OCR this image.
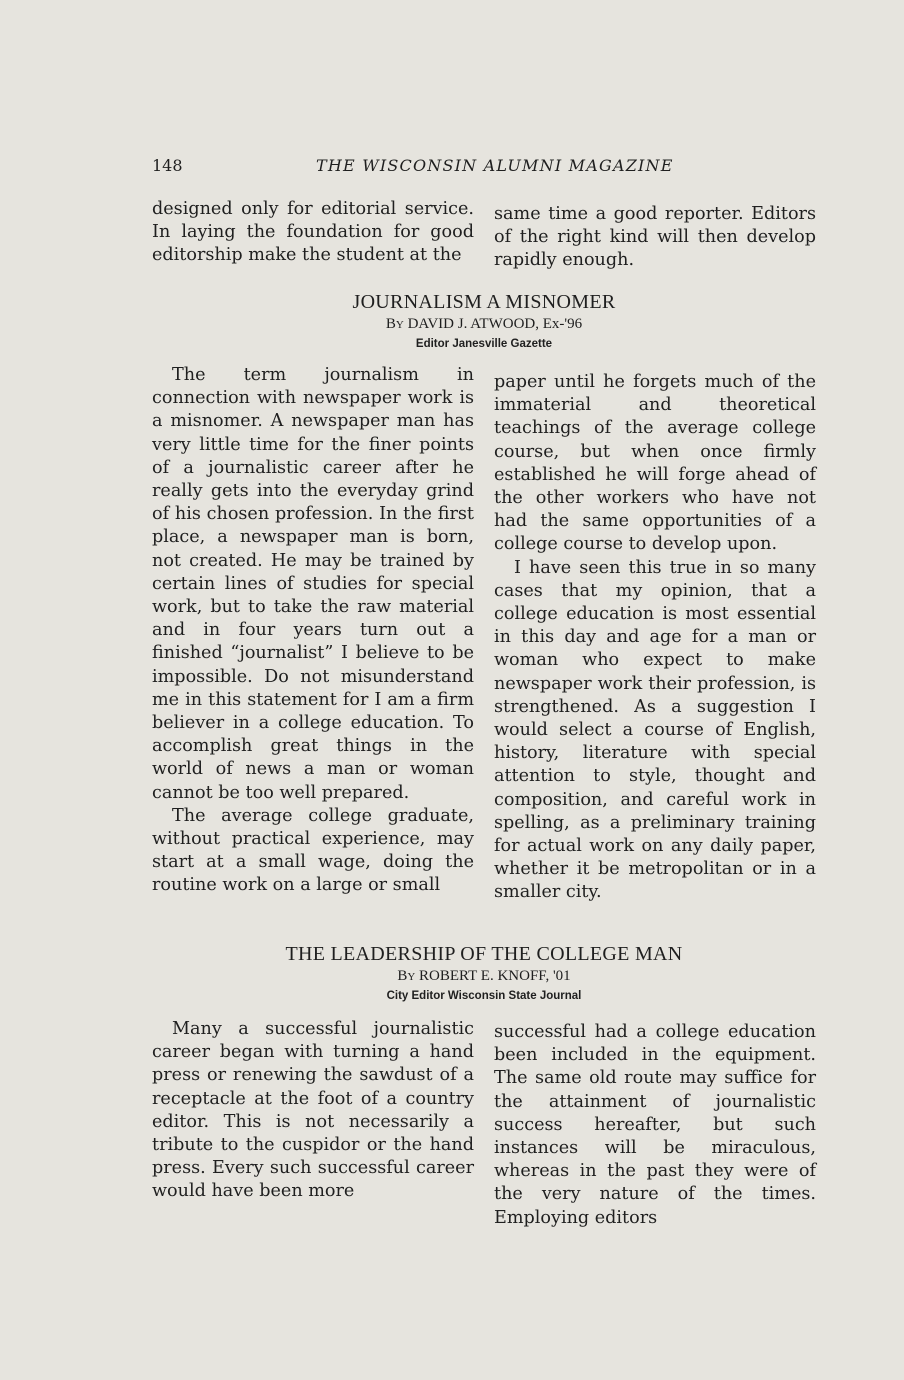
148	THE WISCONSIN ALUMNI MAGAZINE

designed only for editorial service. In laying the foundation for good editorship make the student at the

same time a good reporter. Editors of the right kind will then develop rapidly enough.

JOURNALISM A MISNOMER
By DAVID J. ATWOOD, Ex-'96
Editor Janesville Gazette

The term journalism in connection with newspaper work is a misnomer. A newspaper man has very little time for the finer points of a journalistic career after he really gets into the everyday grind of his chosen profession. In the first place, a newspaper man is born, not created. He may be trained by certain lines of studies for special work, but to take the raw material and in four years turn out a finished “journalist” I believe to be impossible. Do not misunderstand me in this statement for I am a firm believer in a college education. To accomplish great things in the world of news a man or woman cannot be too well prepared.

The average college graduate, without practical experience, may start at a small wage, doing the routine work on a large or small

paper until he forgets much of the immaterial and theoretical teachings of the average college course, but when once firmly established he will forge ahead of the other workers who have not had the same opportunities of a college course to develop upon.

I have seen this true in so many cases that my opinion, that a college education is most essential in this day and age for a man or woman who expect to make newspaper work their profession, is strengthened. As a suggestion I would select a course of English, history, literature with special attention to style, thought and composition, and careful work in spelling, as a preliminary training for actual work on any daily paper, whether it be metropolitan or in a smaller city.

THE LEADERSHIP OF THE COLLEGE MAN
By ROBERT E. KNOFF, '01
City Editor Wisconsin State Journal

Many a successful journalistic career began with turning a hand press or renewing the sawdust of a receptacle at the foot of a country editor. This is not necessarily a tribute to the cuspidor or the hand press. Every such successful career would have been more

successful had a college education been included in the equipment. The same old route may suffice for the attainment of journalistic success hereafter, but such instances will be miraculous, whereas in the past they were of the very nature of the times. Employing editors
